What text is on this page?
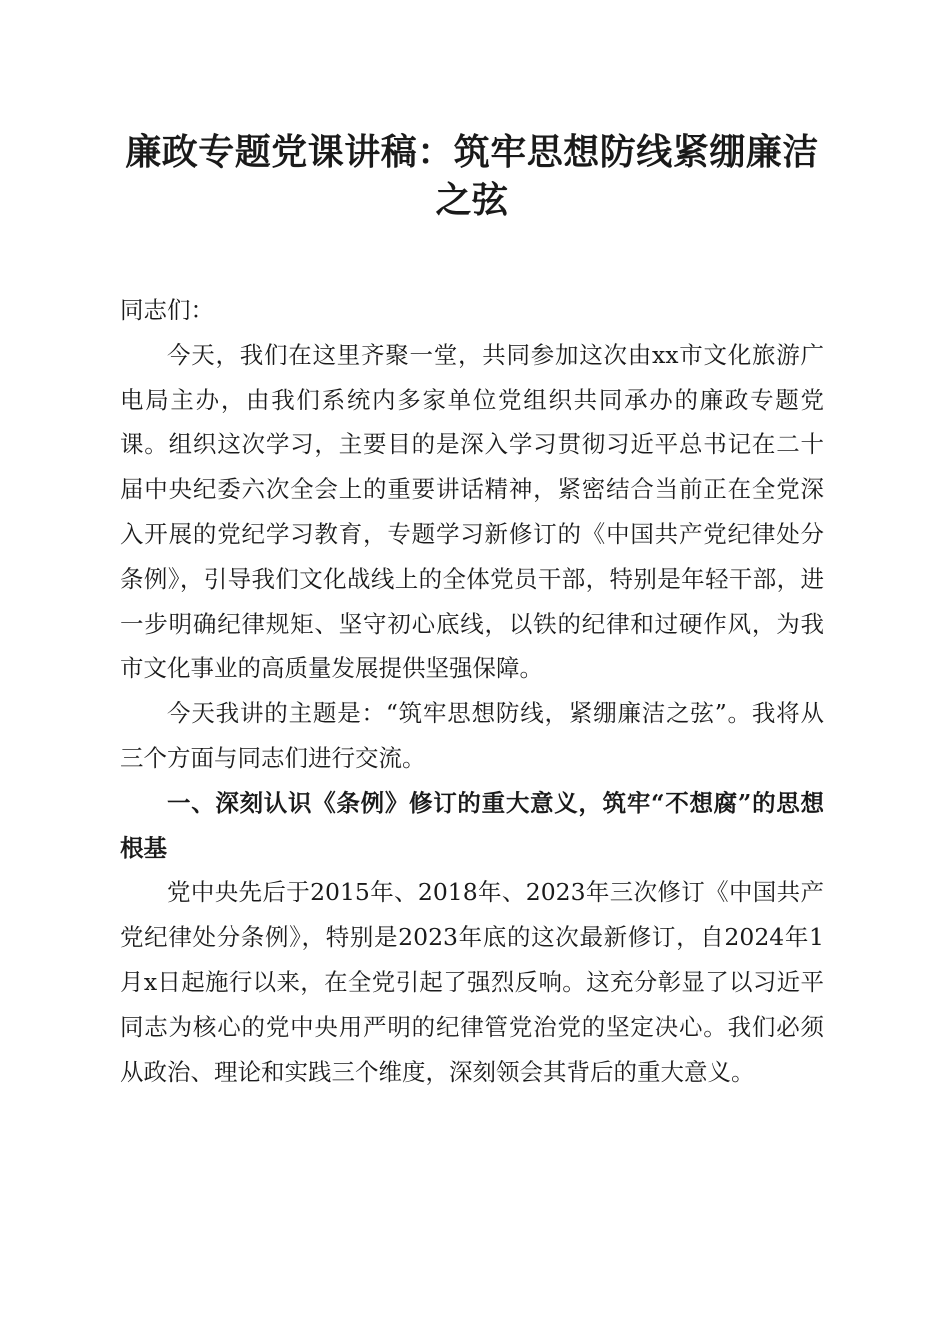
廉政专题党课讲稿：筑牢思想防线紧绷廉洁之弦

同志们：

今天，我们在这里齐聚一堂，共同参加这次由xx市文化旅游广电局主办，由我们系统内多家单位党组织共同承办的廉政专题党课。组织这次学习，主要目的是深入学习贯彻习近平总书记在二十届中央纪委六次全会上的重要讲话精神，紧密结合当前正在全党深入开展的党纪学习教育，专题学习新修订的《中国共产党纪律处分条例》，引导我们文化战线上的全体党员干部，特别是年轻干部，进一步明确纪律规矩、坚守初心底线，以铁的纪律和过硬作风，为我市文化事业的高质量发展提供坚强保障。

今天我讲的主题是：“筑牢思想防线，紧绷廉洁之弦”。我将从三个方面与同志们进行交流。

一、深刻认识《条例》修订的重大意义，筑牢“不想腐”的思想根基

党中央先后于2015年、2018年、2023年三次修订《中国共产党纪律处分条例》，特别是2023年底的这次最新修订，自2024年1月x日起施行以来，在全党引起了强烈反响。这充分彰显了以习近平同志为核心的党中央用严明的纪律管党治党的坚定决心。我们必须从政治、理论和实践三个维度，深刻领会其背后的重大意义。
